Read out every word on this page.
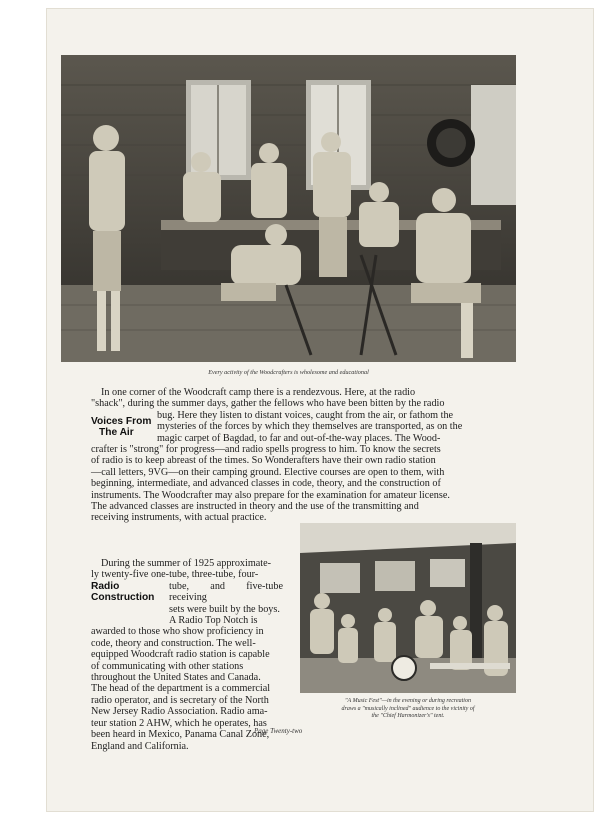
Every activity of the Woodcrafters is wholesome and educational
In one corner of the Woodcraft camp there is a rendezvous. Here, at the radio
"shack", during the summer days, gather the fellows who have been bitten by the radio
bug. Here they listen to distant voices, caught from the air, or fathom the
mysteries of the forces by which they themselves are transported, as on the
magic carpet of Bagdad, to far and out-of-the-way places. The Wood-
crafter is "strong" for progress—and radio spells progress to him. To know the secrets
of radio is to keep abreast of the times. So Wonderafters have their own radio station
—call letters, 9VG—on their camping ground. Elective courses are open to them, with
beginning, intermediate, and advanced classes in code, theory, and the construction of
instruments. The Woodcrafter may also prepare for the examination for amateur license.
The advanced classes are instructed in theory and the use of the transmitting and
receiving instruments, with actual practice.
Voices From
The Air
During the summer of 1925 approximate-
ly twenty-five one-tube, three-tube, four-
tube, and five-tube receiving
sets were built by the boys.
A Radio Top Notch is
awarded to those who show proficiency in
code, theory and construction. The well-
equipped Woodcraft radio station is capable
of communicating with other stations
throughout the United States and Canada.
The head of the department is a commercial
radio operator, and is secretary of the North
New Jersey Radio Association. Radio ama-
teur station 2 AHW, which he operates, has
been heard in Mexico, Panama Canal Zone,
England and California.
Radio
Construction
"A Music Fest"—in the evening or during recreation
draws a "musically inclined" audience to the vicinity of
the "Chief Harmonizer's" tent.
Page Twenty-two
